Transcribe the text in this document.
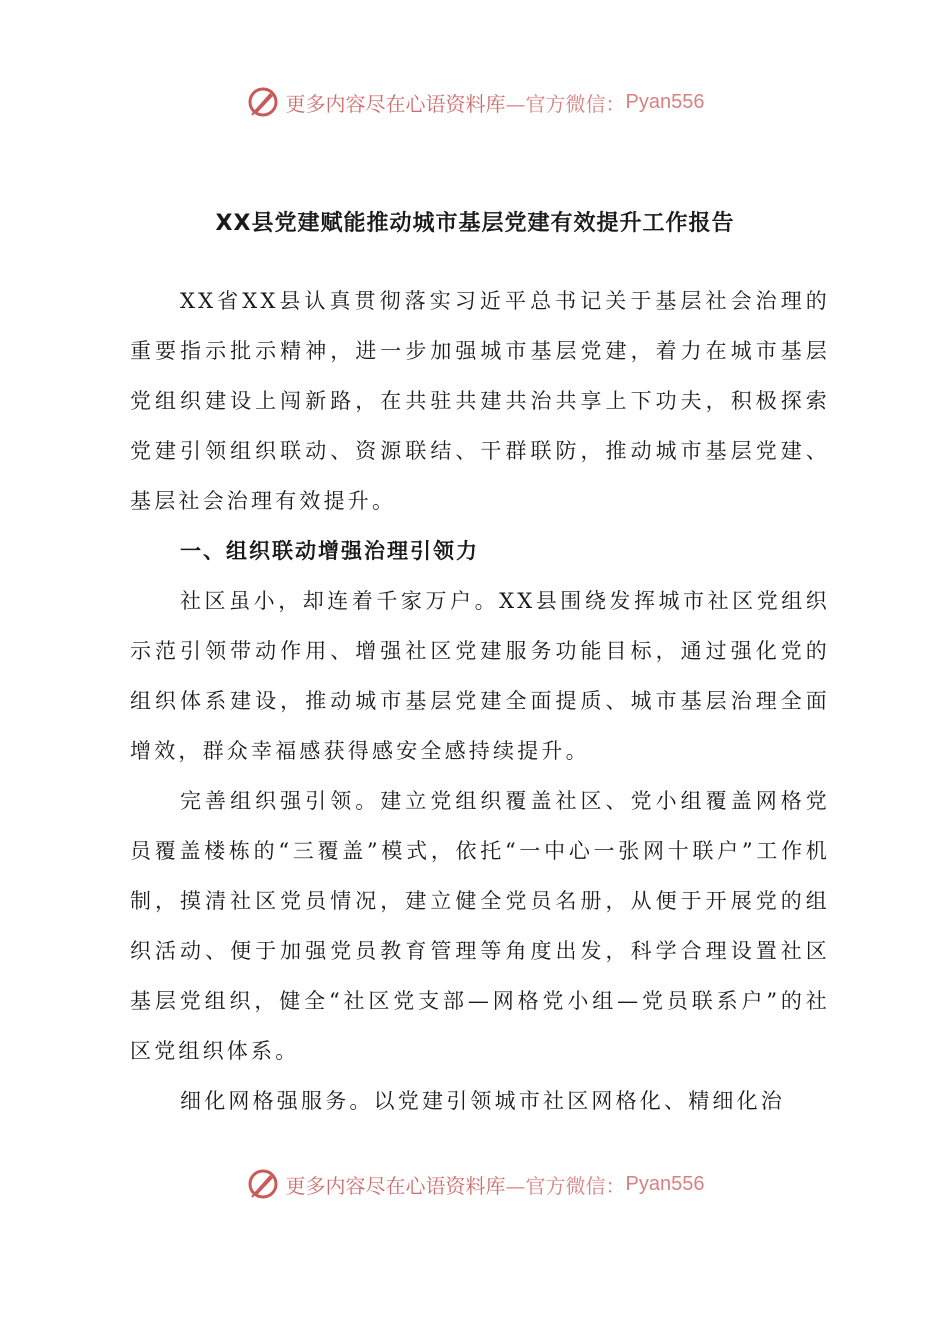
更多内容尽在心语资料库 —官方微信： Pyan556
XX县党建赋能推动城市基层党建有效提升工作报告

XX省XX县认真贯彻落实习近平总书记关于基层社会治理的重要指示批示精神，进一步加强城市基层党建，着力在城市基层党组织建设上闯新路，在共驻共建共治共享上下功夫，积极探索党建引领组织联动、资源联结、干群联防，推动城市基层党建、基层社会治理有效提升。

一、组织联动增强治理引领力

社区虽小，却连着千家万户。XX县围绕发挥城市社区党组织示范引领带动作用、增强社区党建服务功能目标，通过强化党的组织体系建设，推动城市基层党建全面提质、城市基层治理全面增效，群众幸福感获得感安全感持续提升。

完善组织强引领。建立党组织覆盖社区、党小组覆盖网格党员覆盖楼栋的“三覆盖”模式，依托“一中心一张网十联户”工作机制，摸清社区党员情况，建立健全党员名册，从便于开展党的组织活动、便于加强党员教育管理等角度出发，科学合理设置社区基层党组织，健全“社区党支部—网格党小组—党员联系户”的社区党组织体系。

细化网格强服务。以党建引领城市社区网格化、精细化治

更多内容尽在心语资料库 —官方微信： Pyan556
